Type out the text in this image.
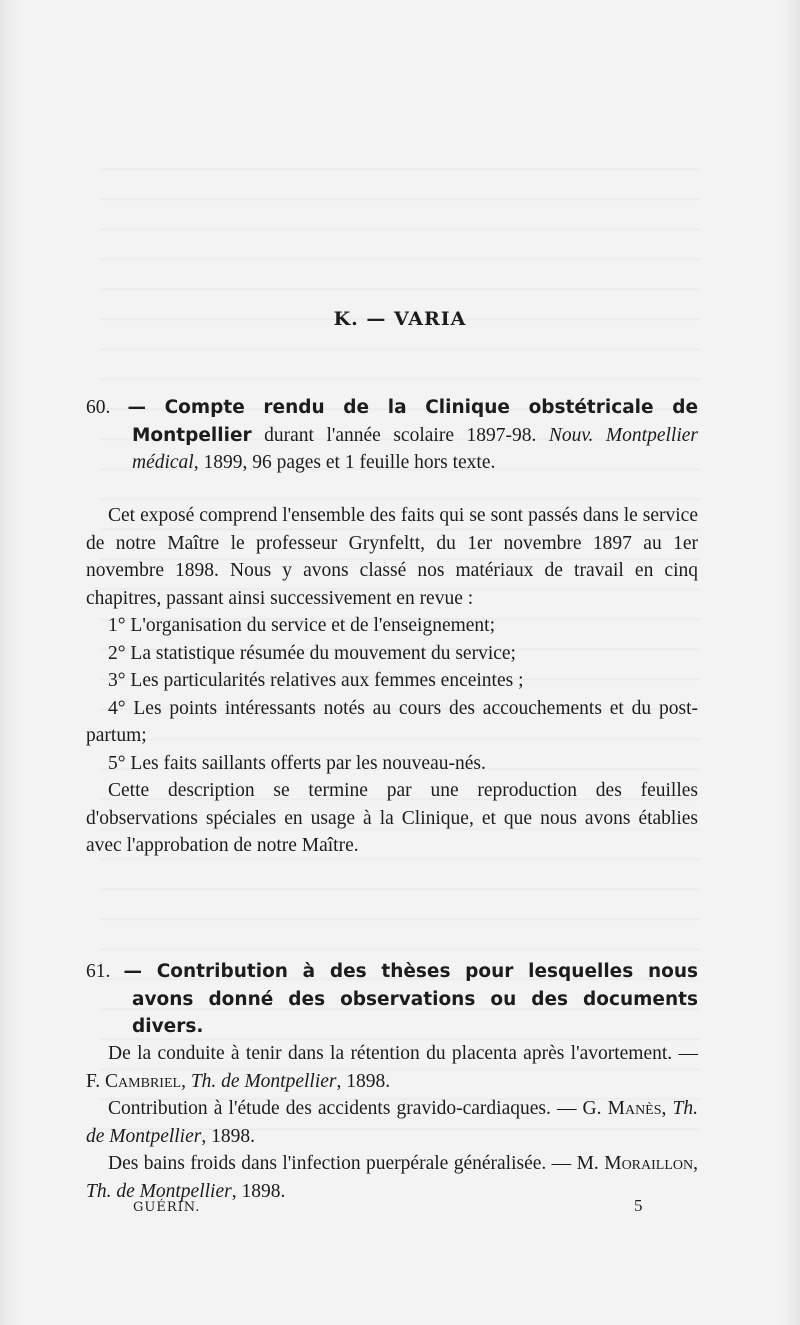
K. — VARIA

60. — Compte rendu de la Clinique obstétricale de Montpellier durant l'année scolaire 1897-98. Nouv. Montpellier médical, 1899, 96 pages et 1 feuille hors texte.

Cet exposé comprend l'ensemble des faits qui se sont passés dans le service de notre Maître le professeur Grynfeltt, du 1er novembre 1897 au 1er novembre 1898. Nous y avons classé nos matériaux de travail en cinq chapitres, passant ainsi successivement en revue :

1° L'organisation du service et de l'enseignement;

2° La statistique résumée du mouvement du service;

3° Les particularités relatives aux femmes enceintes ;

4° Les points intéressants notés au cours des accouchements et du post-partum;

5° Les faits saillants offerts par les nouveau-nés.

Cette description se termine par une reproduction des feuilles d'observations spéciales en usage à la Clinique, et que nous avons établies avec l'approbation de notre Maître.

61. — Contribution à des thèses pour lesquelles nous avons donné des observations ou des documents divers.

De la conduite à tenir dans la rétention du placenta après l'avortement. — F. Cambriel, Th. de Montpellier, 1898.

Contribution à l'étude des accidents gravido-cardiaques. — G. Manès, Th. de Montpellier, 1898.

Des bains froids dans l'infection puerpérale généralisée. — M. Moraillon, Th. de Montpellier, 1898.

GUÉRIN.	5
